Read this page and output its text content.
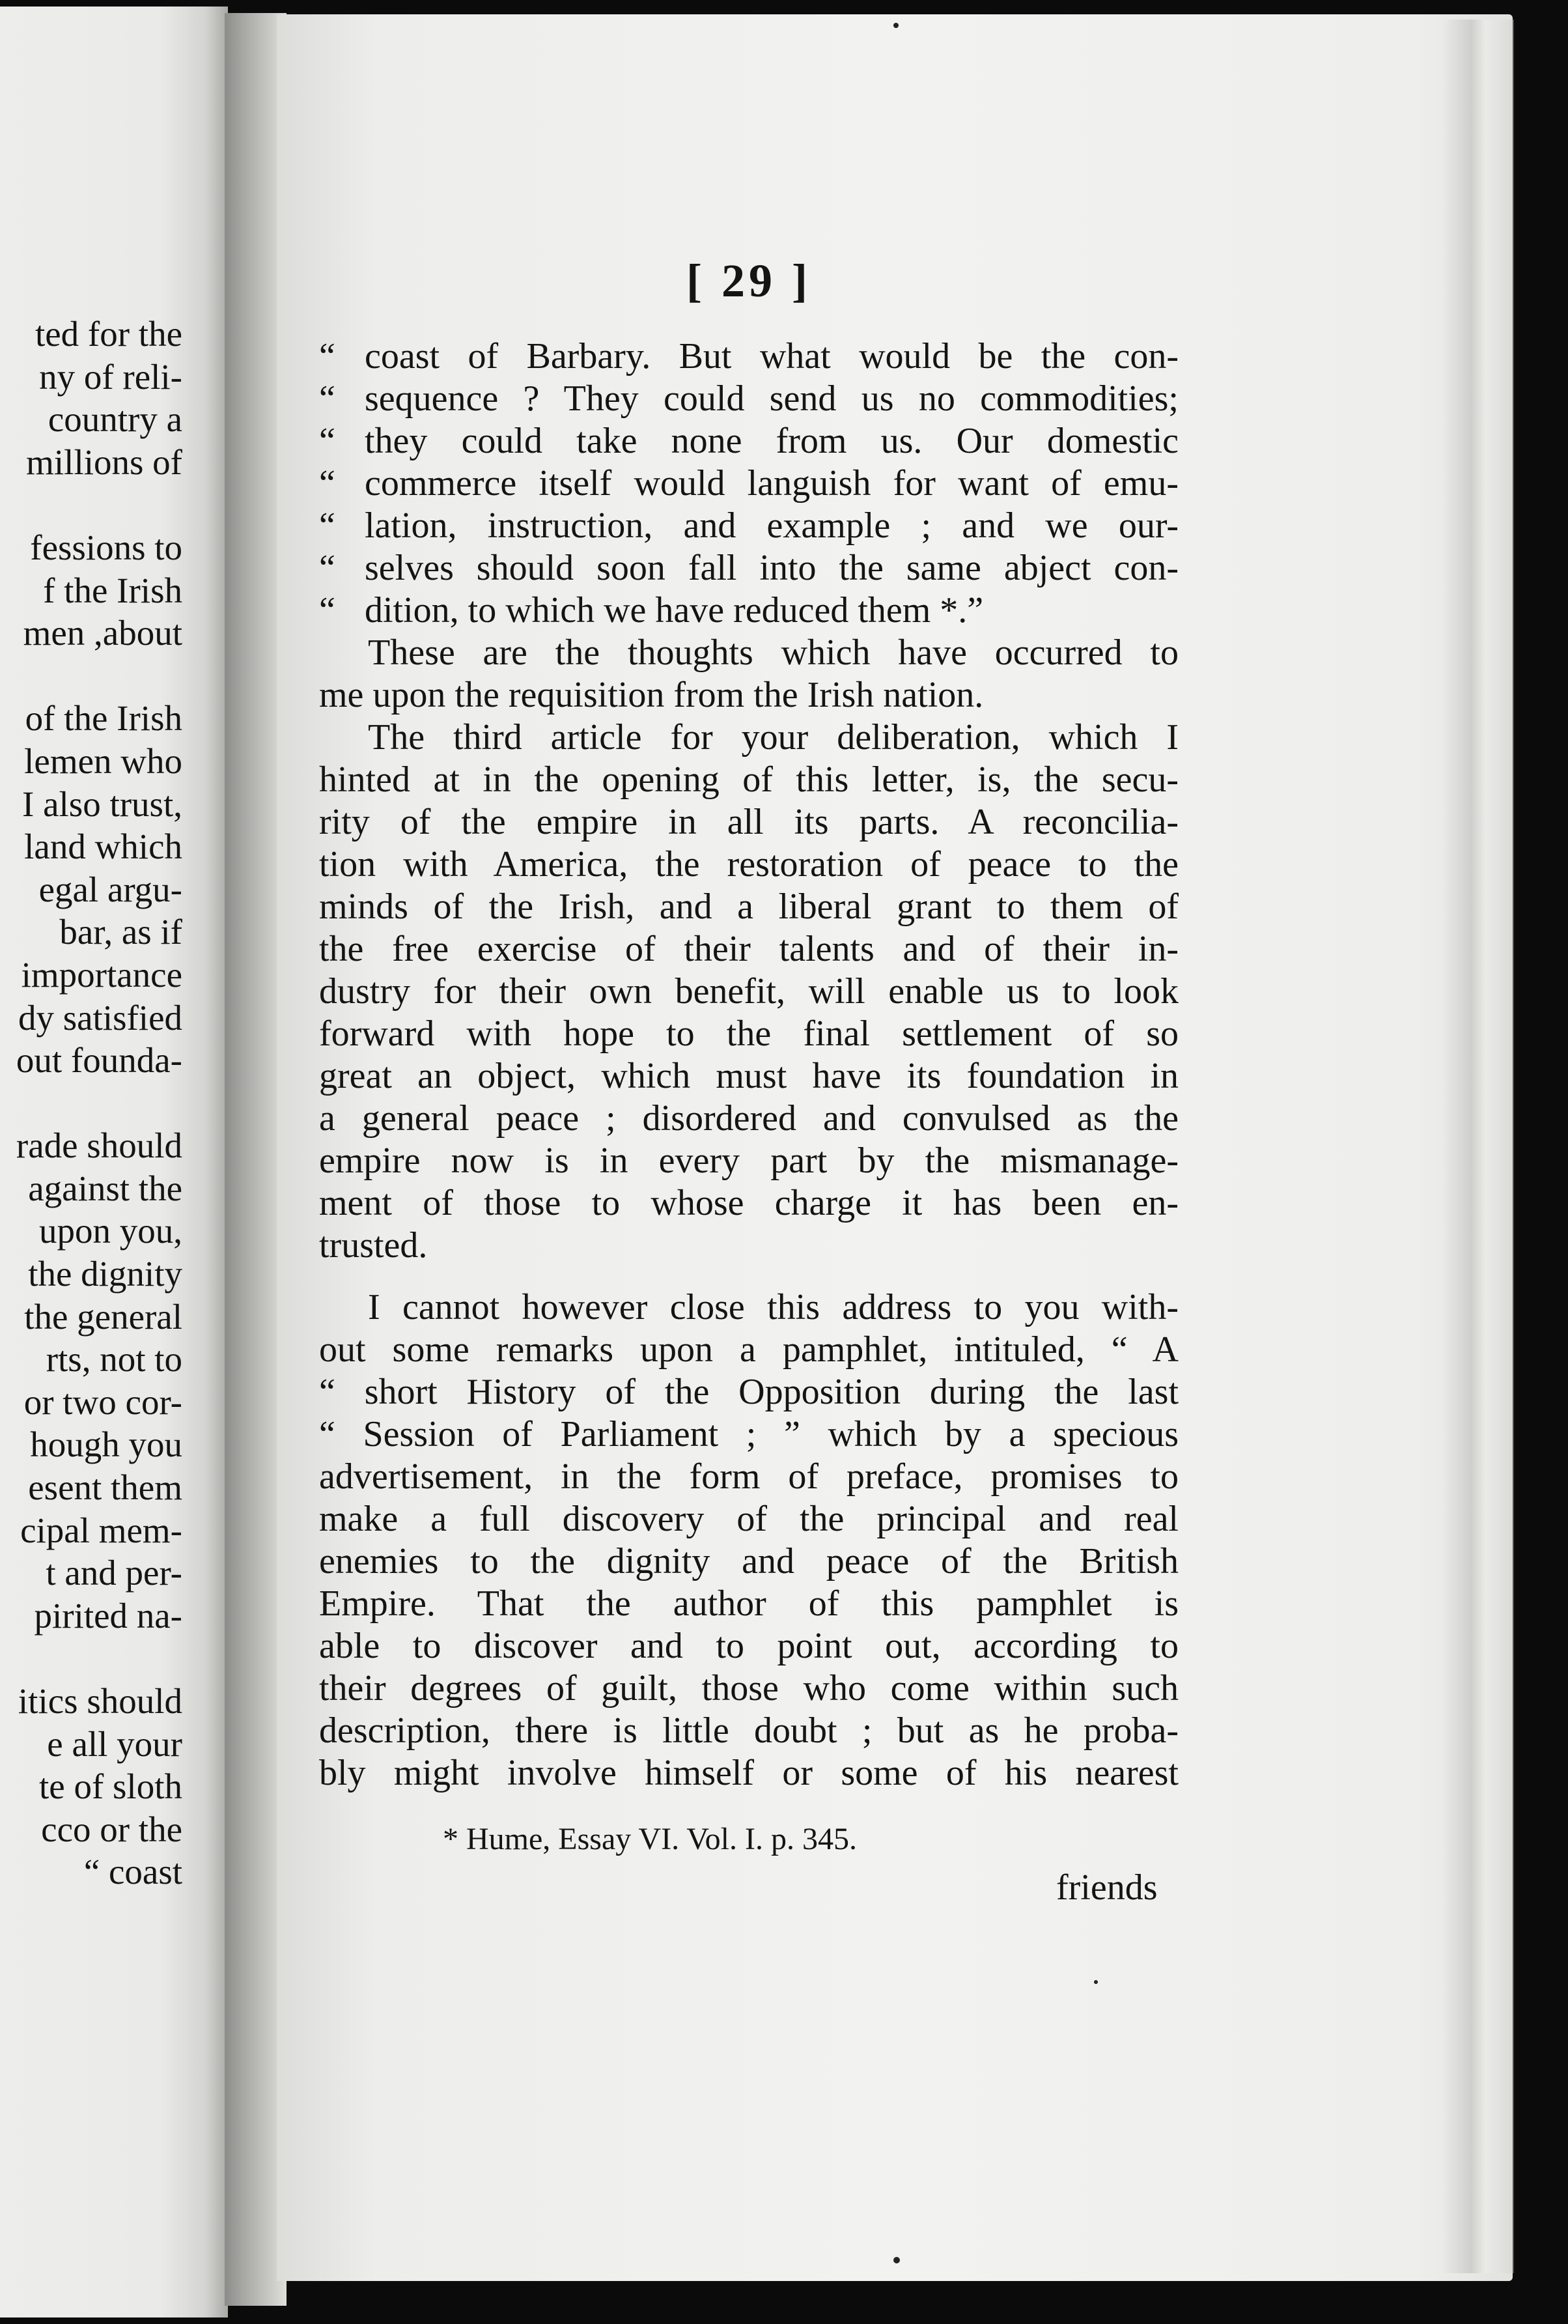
ted for the
ny of reli-
country a
millions of
fessions to
f the Irish
men ,about
of the Irish
lemen who
I also trust,
land which
egal argu-
bar, as if
importance
dy satisfied
out founda-
rade should
against the
upon you,
the dignity
the general
rts, not to
or two cor-
hough you
esent them
cipal mem-
t and per-
pirited na-
itics should
e all your
te of sloth
cco or the
“ coast
[ 29 ]
“ coast of Barbary. But what would be the con-
“ sequence ? They could send us no commodities;
“ they could take none from us. Our domestic
“ commerce itself would languish for want of emu-
“ lation, instruction, and example ; and we our-
“ selves should soon fall into the same abject con-
“ dition, to which we have reduced them *.”
These are the thoughts which have occurred to
me upon the requisition from the Irish nation.
The third article for your deliberation, which I
hinted at in the opening of this letter, is, the secu-
rity of the empire in all its parts. A reconcilia-
tion with America, the restoration of peace to the
minds of the Irish, and a liberal grant to them of
the free exercise of their talents and of their in-
dustry for their own benefit, will enable us to look
forward with hope to the final settlement of so
great an object, which must have its foundation in
a general peace ; disordered and convulsed as the
empire now is in every part by the mismanage-
ment of those to whose charge it has been en-
trusted.
I cannot however close this address to you with-
out some remarks upon a pamphlet, intituled, “ A
“ short History of the Opposition during the last
“ Session of Parliament ; ” which by a specious
advertisement, in the form of preface, promises to
make a full discovery of the principal and real
enemies to the dignity and peace of the British
Empire. That the author of this pamphlet is
able to discover and to point out, according to
their degrees of guilt, those who come within such
description, there is little doubt ; but as he proba-
bly might involve himself or some of his nearest
* Hume, Essay VI. Vol. I. p. 345.
friends
